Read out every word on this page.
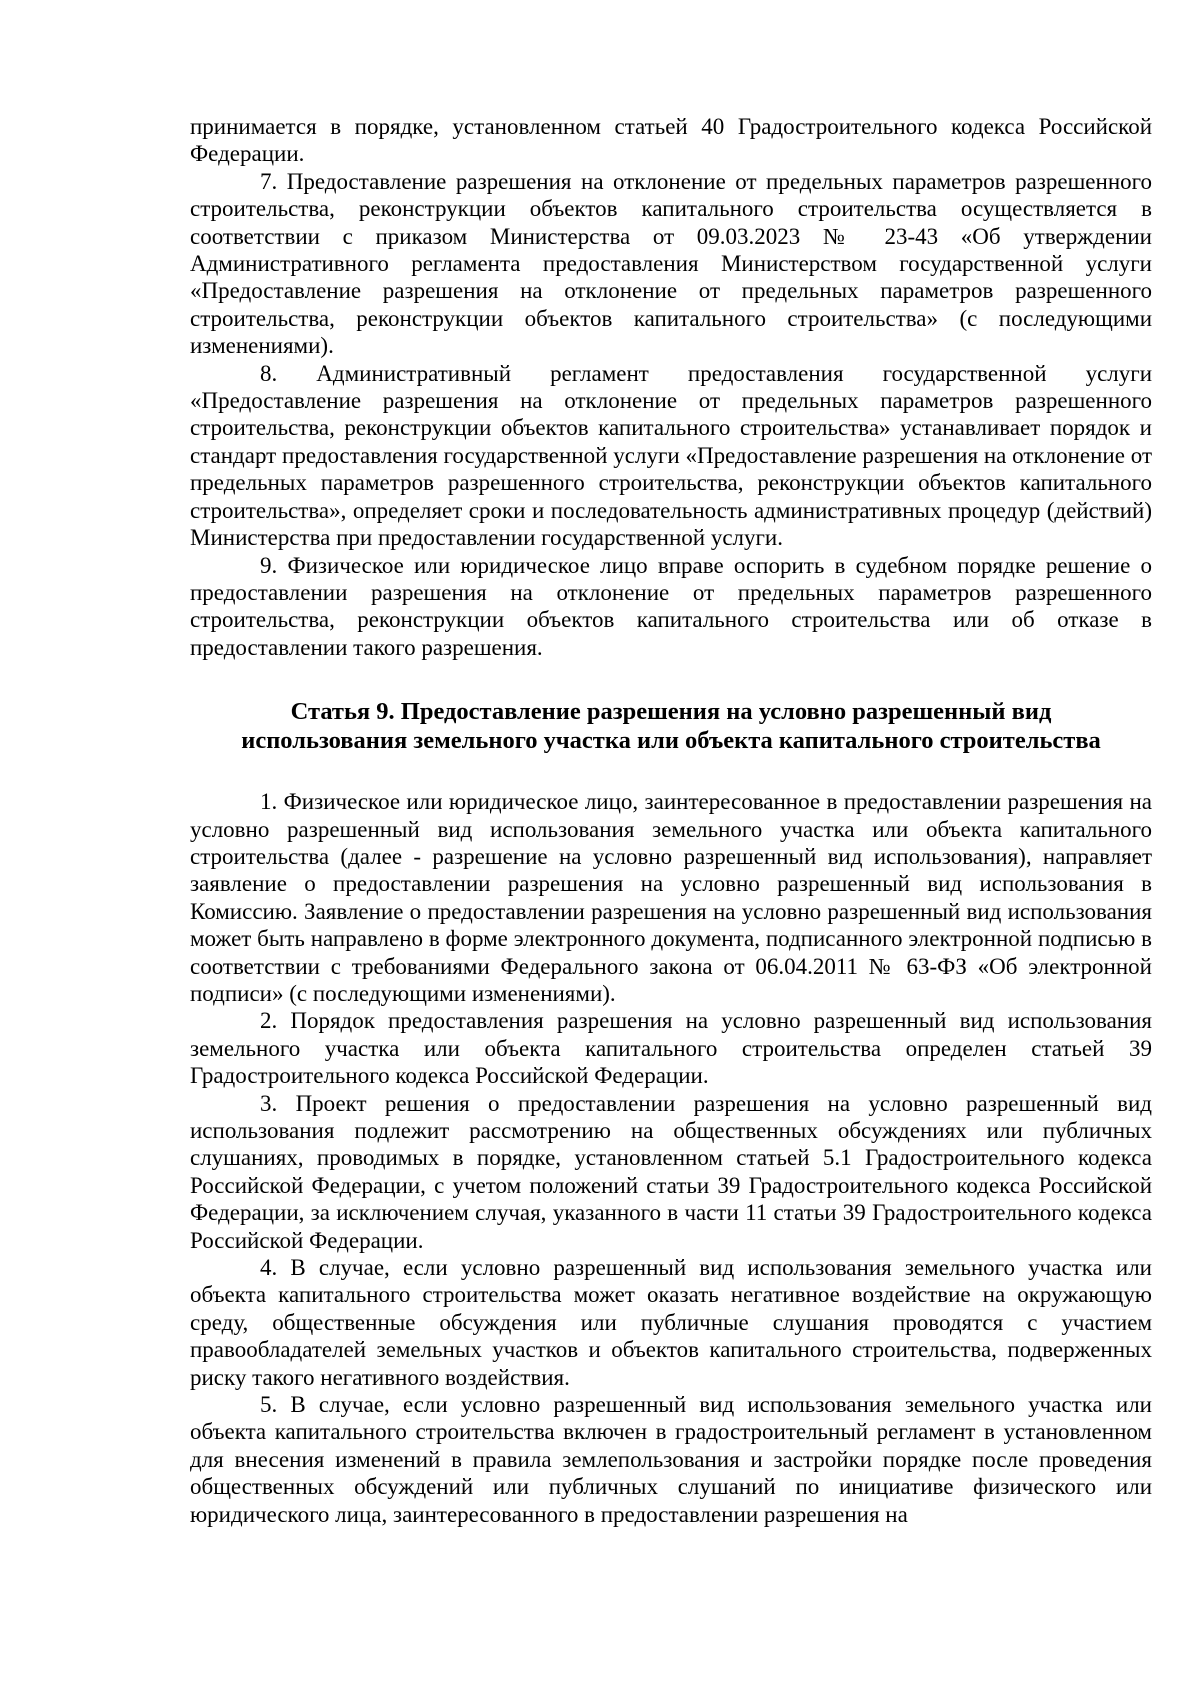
принимается в порядке, установленном статьей 40 Градостроительного кодекса Российской Федерации.

7. Предоставление разрешения на отклонение от предельных параметров разрешенного строительства, реконструкции объектов капитального строительства осуществляется в соответствии с приказом Министерства от 09.03.2023 № 23-43 «Об утверждении Административного регламента предоставления Министерством государственной услуги «Предоставление разрешения на отклонение от предельных параметров разрешенного строительства, реконструкции объектов капитального строительства» (с последующими изменениями).

8. Административный регламент предоставления государственной услуги «Предоставление разрешения на отклонение от предельных параметров разрешенного строительства, реконструкции объектов капитального строительства» устанавливает порядок и стандарт предоставления государственной услуги «Предоставление разрешения на отклонение от предельных параметров разрешенного строительства, реконструкции объектов капитального строительства», определяет сроки и последовательность административных процедур (действий) Министерства при предоставлении государственной услуги.

9. Физическое или юридическое лицо вправе оспорить в судебном порядке решение о предоставлении разрешения на отклонение от предельных параметров разрешенного строительства, реконструкции объектов капитального строительства или об отказе в предоставлении такого разрешения.

Статья 9. Предоставление разрешения на условно разрешенный вид
использования земельного участка или объекта капитального строительства

1. Физическое или юридическое лицо, заинтересованное в предоставлении разрешения на условно разрешенный вид использования земельного участка или объекта капитального строительства (далее - разрешение на условно разрешенный вид использования), направляет заявление о предоставлении разрешения на условно разрешенный вид использования в Комиссию. Заявление о предоставлении разрешения на условно разрешенный вид использования может быть направлено в форме электронного документа, подписанного электронной подписью в соответствии с требованиями Федерального закона от 06.04.2011 № 63-ФЗ «Об электронной подписи» (с последующими изменениями).

2. Порядок предоставления разрешения на условно разрешенный вид использования земельного участка или объекта капитального строительства определен статьей 39 Градостроительного кодекса Российской Федерации.

3. Проект решения о предоставлении разрешения на условно разрешенный вид использования подлежит рассмотрению на общественных обсуждениях или публичных слушаниях, проводимых в порядке, установленном статьей 5.1 Градостроительного кодекса Российской Федерации, с учетом положений статьи 39 Градостроительного кодекса Российской Федерации, за исключением случая, указанного в части 11 статьи 39 Градостроительного кодекса Российской Федерации.

4. В случае, если условно разрешенный вид использования земельного участка или объекта капитального строительства может оказать негативное воздействие на окружающую среду, общественные обсуждения или публичные слушания проводятся с участием правообладателей земельных участков и объектов капитального строительства, подверженных риску такого негативного воздействия.

5. В случае, если условно разрешенный вид использования земельного участка или объекта капитального строительства включен в градостроительный регламент в установленном для внесения изменений в правила землепользования и застройки порядке после проведения общественных обсуждений или публичных слушаний по инициативе физического или юридического лица, заинтересованного в предоставлении разрешения на
